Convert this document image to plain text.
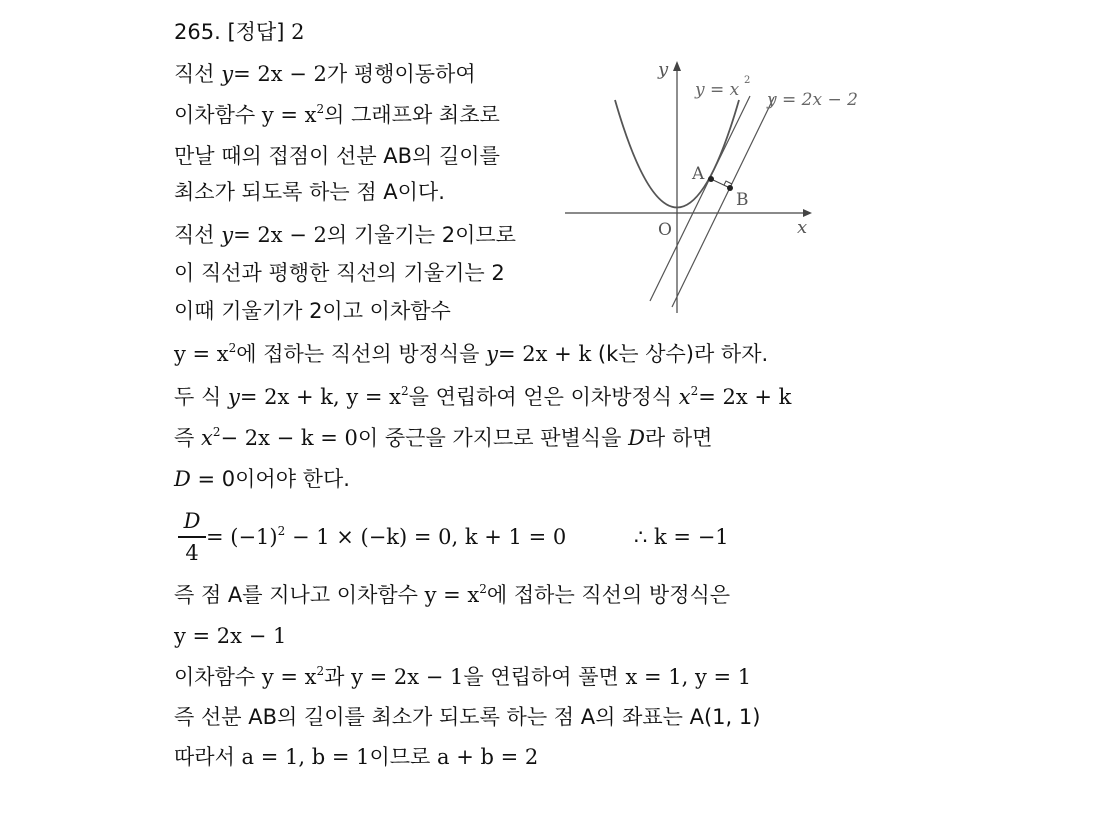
265. [정답] 2
직선 y= 2x − 2가 평행이동하여
이차함수 $y = x^2$의 그래프와 최초로
만날 때의 접점이 선분 AB의 길이를
최소가 되도록 하는 점 A이다.
직선 y= 2x − 2의 기울기는 2이므로
이 직선과 평행한 직선의 기울기는 2
이때 기울기가 2이고 이차함수
$y = x^2$에 접하는 직선의 방정식을 y= 2x + k (k는 상수)라 하자.
두 식 y= 2x + k, $y = x^2$을 연립하여 얻은 이차방정식 $x^2= 2x + k$
즉 $x^2- 2x - k = 0$이 중근을 가지므로 판별식을 D라 하면
D = 0이어야 한다.
D
4
= $(-1)^2 - 1 \times (-k) = 0$, k + 1 = 0	∴ k = −1
즉 점 A를 지나고 이차함수 $y = x^2$에 접하는 직선의 방정식은
y = 2x − 1
이차함수 $y = x^2$과 y = 2x − 1을 연립하여 풀면 x = 1, y = 1
즉 선분 AB의 길이를 최소가 되도록 하는 점 A의 좌표는 A(1, 1)
따라서 a = 1, b = 1이므로 a + b = 2
y
x
O
A
B
y = x 2
y = 2x − 2
